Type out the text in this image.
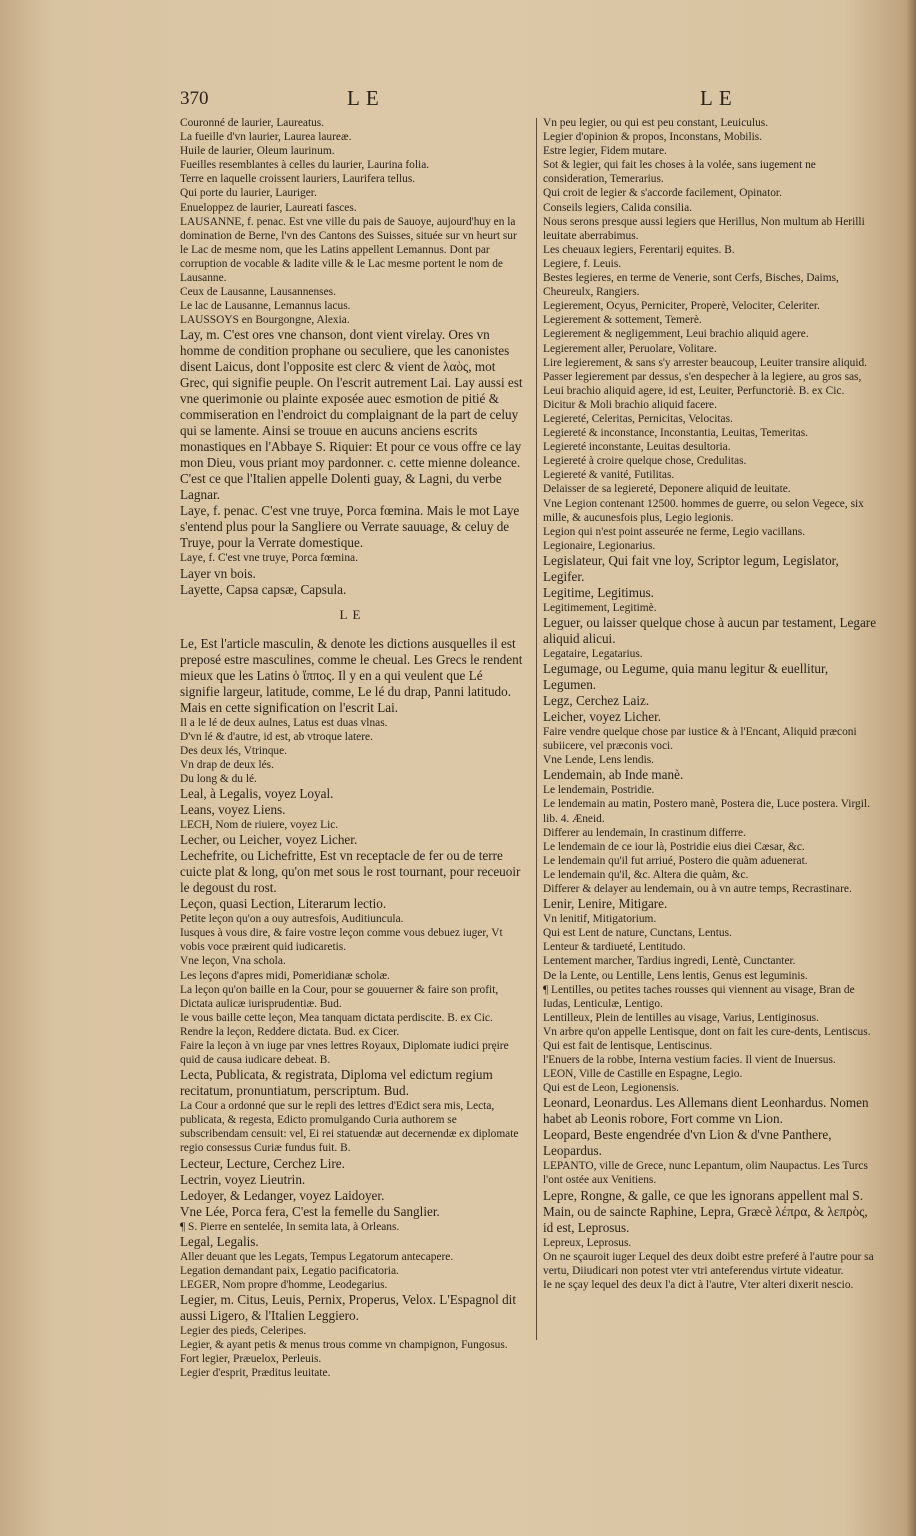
370	LE	LE

Couronné de laurier, Laureatus.

La fueille d'vn laurier, Laurea laureæ.

Huile de laurier, Oleum laurinum.

Fueilles resemblantes à celles du laurier, Laurina folia.

Terre en laquelle croissent lauriers, Laurifera tellus.

Qui porte du laurier, Lauriger.

Enueloppez de laurier, Laureati fasces.

LAUSANNE, f. penac. Est vne ville du pais de Sauoye, aujourd'huy en la domination de Berne, l'vn des Cantons des Suisses, située sur vn heurt sur le Lac de mesme nom, que les Latins appellent Lemannus. Dont par corruption de vocable & ladite ville & le Lac mesme portent le nom de Lausanne.

Ceux de Lausanne, Lausannenses.

Le lac de Lausanne, Lemannus lacus.

LAUSSOYS en Bourgongne, Alexia.

Lay, m. C'est ores vne chanson, dont vient virelay. Ores vn homme de condition prophane ou seculiere, que les canonistes disent Laicus, dont l'opposite est clerc & vient de λαὸς, mot Grec, qui signifie peuple. On l'escrit autrement Lai. Lay aussi est vne querimonie ou plainte exposée auec esmotion de pitié & commiseration en l'endroict du complaignant de la part de celuy qui se lamente. Ainsi se trouue en aucuns anciens escrits monastiques en l'Abbaye S. Riquier: Et pour ce vous offre ce lay mon Dieu, vous priant moy pardonner. c. cette mienne doleance. C'est ce que l'Italien appelle Dolenti guay, & Lagni, du verbe Lagnar.

Laye, f. penac. C'est vne truye, Porca fœmina. Mais le mot Laye s'entend plus pour la Sangliere ou Verrate sauuage, & celuy de Truye, pour la Verrate domestique.

Laye, f. C'est vne truye, Porca fœmina.

Layer vn bois.

Layette, Capsa capsæ, Capsula.

LE

Le, Est l'article masculin, & denote les dictions ausquelles il est preposé estre masculines, comme le cheual. Les Grecs le rendent mieux que les Latins ὁ ἵππος. Il y en a qui veulent que Lé signifie largeur, latitude, comme, Le lé du drap, Panni latitudo. Mais en cette signification on l'escrit Lai.

Il a le lé de deux aulnes, Latus est duas vlnas.

D'vn lé & d'autre, id est, ab vtroque latere.

Des deux lés, Vtrinque.

Vn drap de deux lés.

Du long & du lé.

Leal, à Legalis, voyez Loyal.

Leans, voyez Liens.

LECH, Nom de riuiere, voyez Lic.

Lecher, ou Leicher, voyez Licher.

Lechefrite, ou Lichefritte, Est vn receptacle de fer ou de terre cuicte plat & long, qu'on met sous le rost tournant, pour receuoir le degoust du rost.

Leçon, quasi Lection, Literarum lectio.

Petite leçon qu'on a ouy autresfois, Auditiuncula.

Iusques à vous dire, & faire vostre leçon comme vous debuez iuger, Vt vobis voce præirent quid iudicaretis.

Vne leçon, Vna schola.

Les leçons d'apres midi, Pomeridianæ scholæ.

La leçon qu'on baille en la Cour, pour se gouuerner & faire son profit, Dictata aulicæ iurisprudentiæ. Bud.

Ie vous baille cette leçon, Mea tanquam dictata perdiscite. B. ex Cic.

Rendre la leçon, Reddere dictata. Bud. ex Cicer.

Faire la leçon à vn iuge par vnes lettres Royaux, Diplomate iudici pręire quid de causa iudicare debeat. B.

Lecta, Publicata, & registrata, Diploma vel edictum regium recitatum, pronuntiatum, perscriptum. Bud.

La Cour a ordonné que sur le repli des lettres d'Edict sera mis, Lecta, publicata, & regesta, Edicto promulgando Curia authorem se subscribendam censuit: vel, Ei rei statuendæ aut decernendæ ex diplomate regio consessus Curiæ fundus fuit. B.

Lecteur, Lecture, Cerchez Lire.

Lectrin, voyez Lieutrin.

Ledoyer, & Ledanger, voyez Laidoyer.

Vne Lée, Porca fera, C'est la femelle du Sanglier.

¶ S. Pierre en sentelée, In semita lata, à Orleans.

Legal, Legalis.

Aller deuant que les Legats, Tempus Legatorum antecapere.

Legation demandant paix, Legatio pacificatoria.

LEGER, Nom propre d'homme, Leodegarius.

Legier, m. Citus, Leuis, Pernix, Properus, Velox. L'Espagnol dit aussi Ligero, & l'Italien Leggiero.

Legier des pieds, Celeripes.

Legier, & ayant petis & menus trous comme vn champignon, Fungosus.

Fort legier, Præuelox, Perleuis.

Legier d'esprit, Præditus leuitate.

Vn peu legier, ou qui est peu constant, Leuiculus.

Legier d'opinion & propos, Inconstans, Mobilis.

Estre legier, Fidem mutare.

Sot & legier, qui fait les choses à la volée, sans iugement ne consideration, Temerarius.

Qui croit de legier & s'accorde facilement, Opinator.

Conseils legiers, Calida consilia.

Nous serons presque aussi legiers que Herillus, Non multum ab Herilli leuitate aberrabimus.

Les cheuaux legiers, Ferentarij equites. B.

Legiere, f. Leuis.

Bestes legieres, en terme de Venerie, sont Cerfs, Bisches, Daims, Cheureulx, Rangiers.

Legierement, Ocyus, Perniciter, Properè, Velociter, Celeriter.

Legierement & sottement, Temerè.

Legierement & negligemment, Leui brachio aliquid agere.

Legierement aller, Peruolare, Volitare.

Lire legierement, & sans s'y arrester beaucoup, Leuiter transire aliquid.

Passer legierement par dessus, s'en despecher à la legiere, au gros sas, Leui brachio aliquid agere, id est, Leuiter, Perfunctoriè. B. ex Cic. Dicitur & Moli brachio aliquid facere.

Legiereté, Celeritas, Pernicitas, Velocitas.

Legiereté & inconstance, Inconstantia, Leuitas, Temeritas.

Legiereté inconstante, Leuitas desultoria.

Legiereté à croire quelque chose, Credulitas.

Legiereté & vanité, Futilitas.

Delaisser de sa legiereté, Deponere aliquid de leuitate.

Vne Legion contenant 12500. hommes de guerre, ou selon Vegece, six mille, & aucunesfois plus, Legio legionis.

Legion qui n'est point asseurée ne ferme, Legio vacillans.

Legionaire, Legionarius.

Legislateur, Qui fait vne loy, Scriptor legum, Legislator, Legifer.

Legitime, Legitimus.

Legitimement, Legitimè.

Leguer, ou laisser quelque chose à aucun par testament, Legare aliquid alicui.

Legataire, Legatarius.

Legumage, ou Legume, quia manu legitur & euellitur, Legumen.

Legz, Cerchez Laiz.

Leicher, voyez Licher.

Faire vendre quelque chose par iustice & à l'Encant, Aliquid præconi subiicere, vel præconis voci.

Vne Lende, Lens lendis.

Lendemain, ab Inde manè.

Le lendemain, Postridie.

Le lendemain au matin, Postero manè, Postera die, Luce postera. Virgil. lib. 4. Æneid.

Differer au lendemain, In crastinum differre.

Le lendemain de ce iour là, Postridie eius diei Cæsar, &c.

Le lendemain qu'il fut arriué, Postero die quàm aduenerat.

Le lendemain qu'il, &c. Altera die quàm, &c.

Differer & delayer au lendemain, ou à vn autre temps, Recrastinare.

Lenir, Lenire, Mitigare.

Vn lenitif, Mitigatorium.

Qui est Lent de nature, Cunctans, Lentus.

Lenteur & tardiueté, Lentitudo.

Lentement marcher, Tardius ingredi, Lentè, Cunctanter.

De la Lente, ou Lentille, Lens lentis, Genus est leguminis.

¶ Lentilles, ou petites taches rousses qui viennent au visage, Bran de Iudas, Lenticulæ, Lentigo.

Lentilleux, Plein de lentilles au visage, Varius, Lentiginosus.

Vn arbre qu'on appelle Lentisque, dont on fait les cure-dents, Lentiscus.

Qui est fait de lentisque, Lentiscinus.

l'Enuers de la robbe, Interna vestium facies. Il vient de Inuersus.

LEON, Ville de Castille en Espagne, Legio.

Qui est de Leon, Legionensis.

Leonard, Leonardus. Les Allemans dient Leonhardus. Nomen habet ab Leonis robore, Fort comme vn Lion.

Leopard, Beste engendrée d'vn Lion & d'vne Panthere, Leopardus.

LEPANTO, ville de Grece, nunc Lepantum, olim Naupactus. Les Turcs l'ont ostée aux Venitiens.

Lepre, Rongne, & galle, ce que les ignorans appellent mal S. Main, ou de saincte Raphine, Lepra, Græcè λέπρα, & λεπρὸς, id est, Leprosus.

Lepreux, Leprosus.

On ne sçauroit iuger Lequel des deux doibt estre preferé à l'autre pour sa vertu, Diiudicari non potest vter vtri anteferendus virtute videatur.

Ie ne sçay lequel des deux l'a dict à l'autre, Vter alteri dixerit nescio.
